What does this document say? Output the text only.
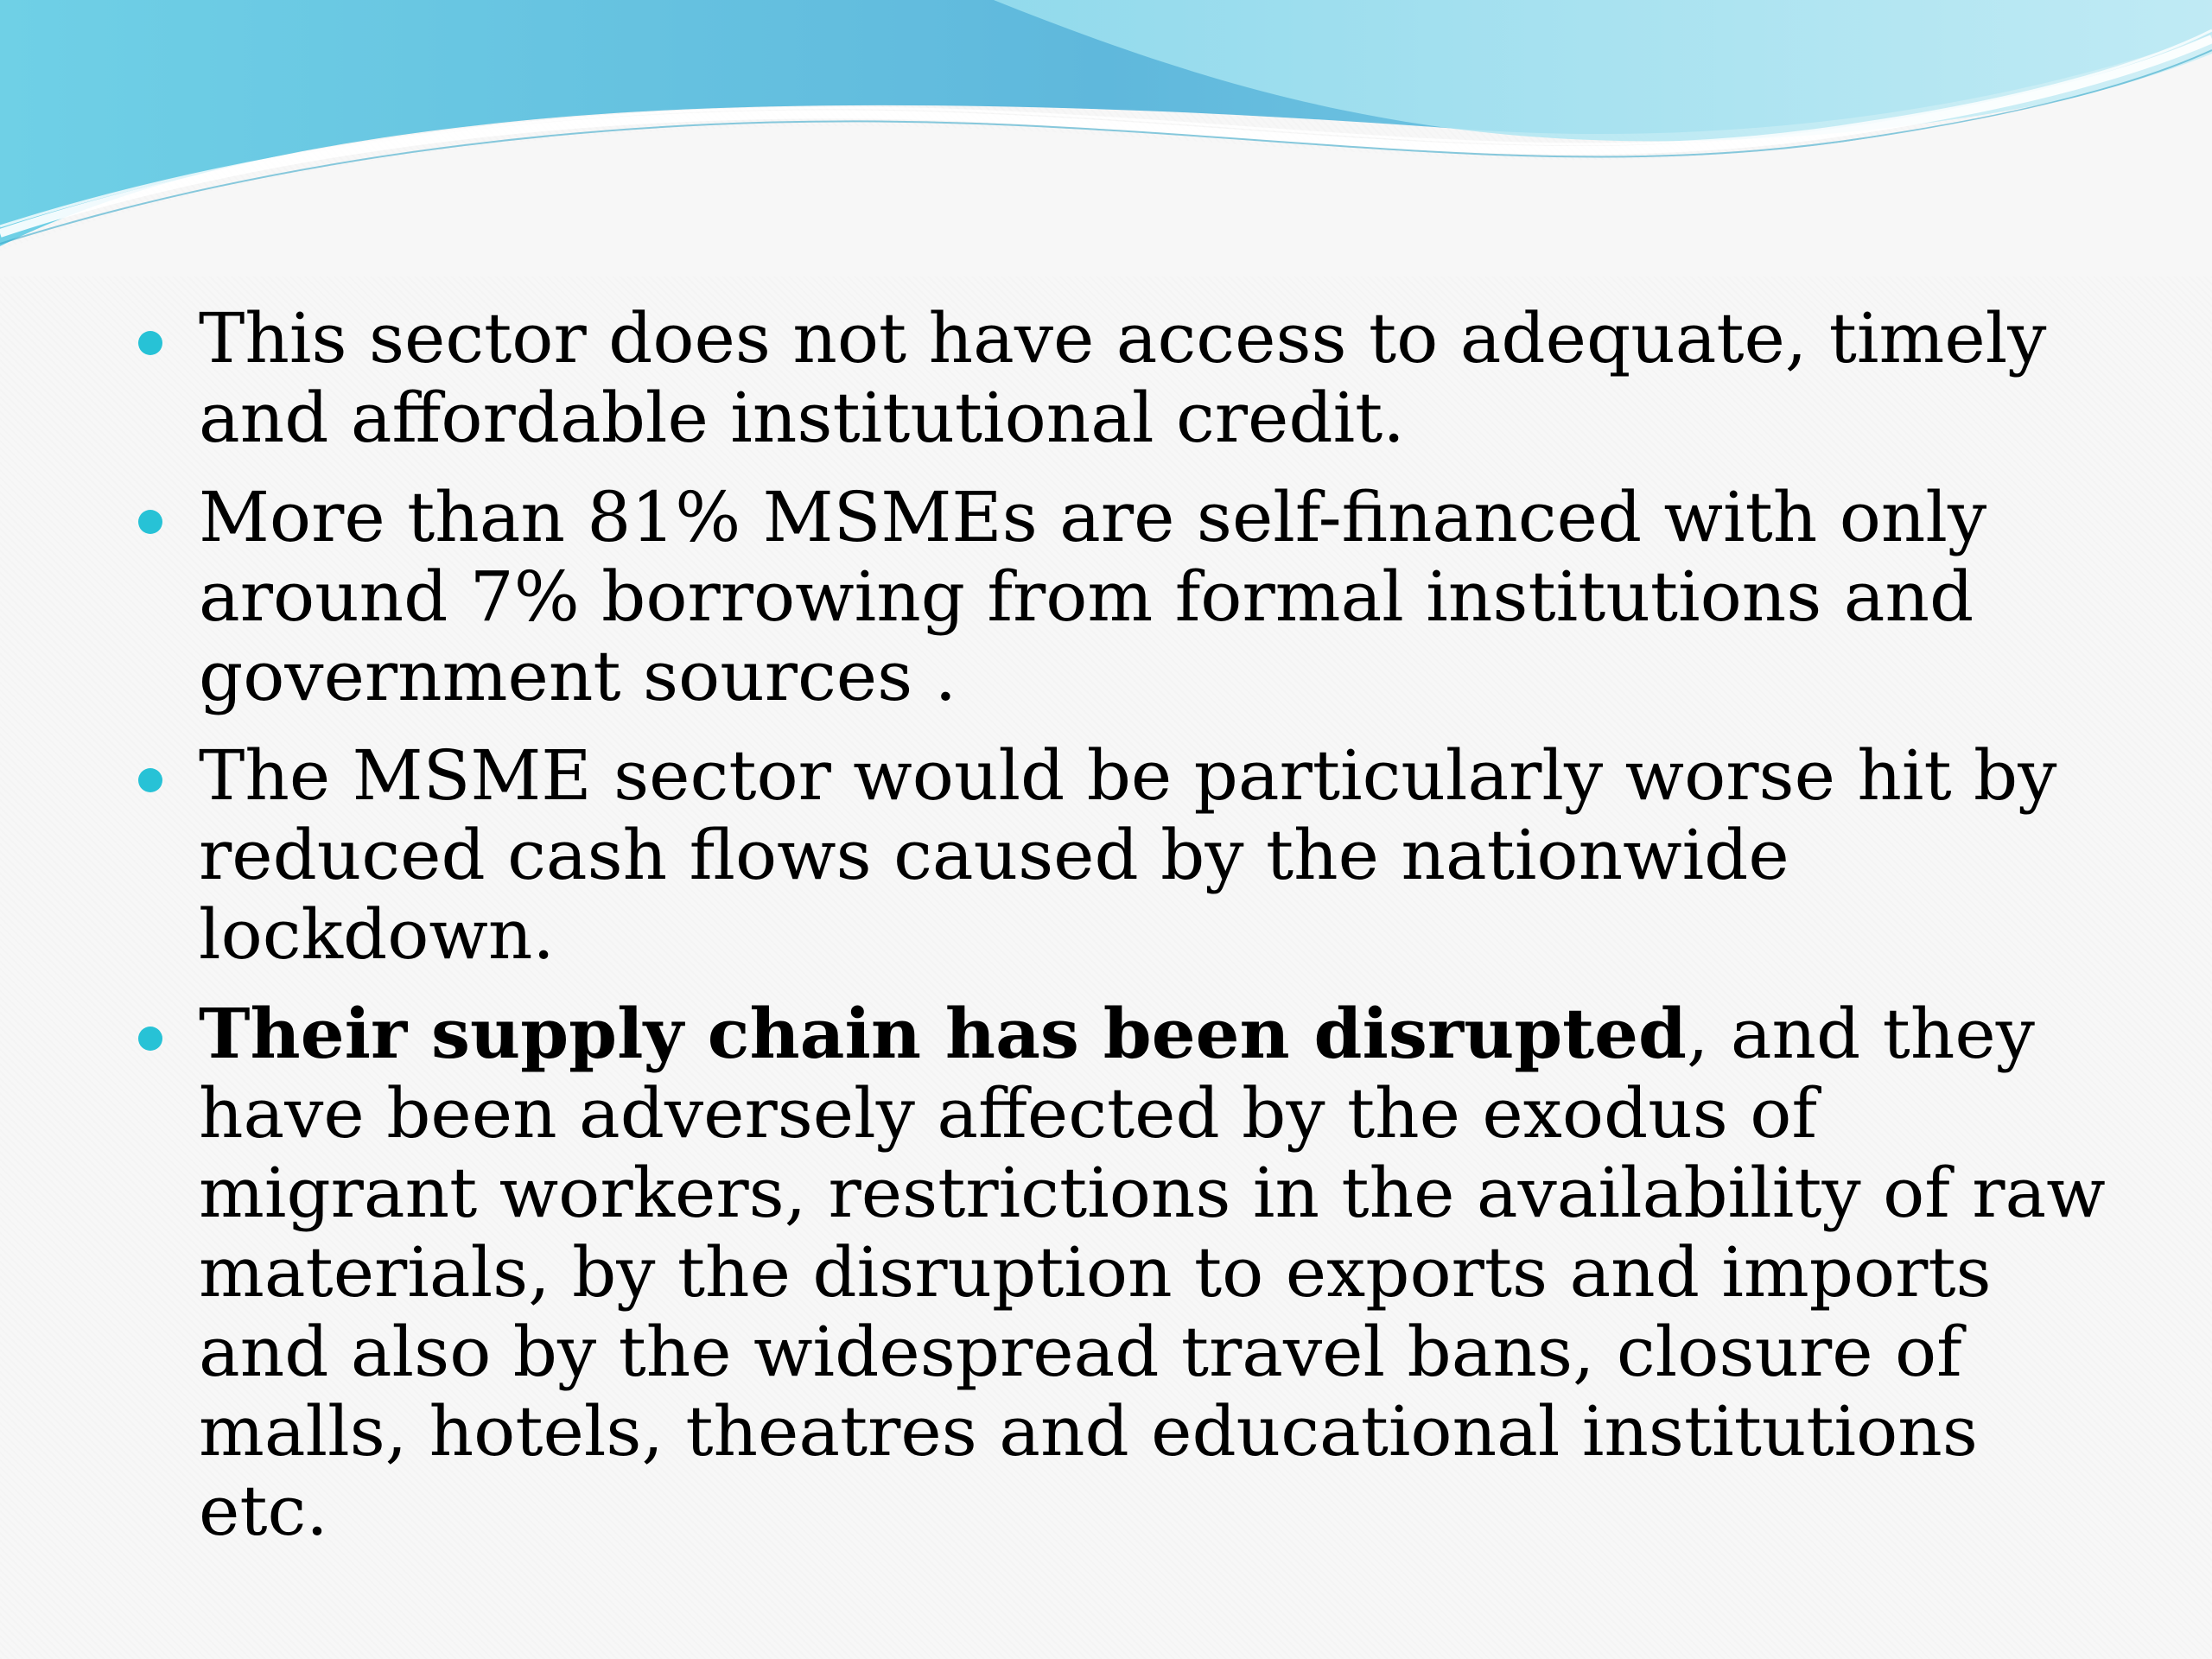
This sector does not have access to adequate, timely and affordable institutional credit.
More than 81% MSMEs are self-financed with only around 7% borrowing from formal institutions and government sources .
The MSME sector would be particularly worse hit by reduced cash flows caused by the nationwide lockdown.
Their supply chain has been disrupted, and they have been adversely affected by the exodus of migrant workers, restrictions in the availability of raw materials, by the disruption to exports and imports and also by the widespread travel bans, closure of malls, hotels, theatres and educational institutions etc.
